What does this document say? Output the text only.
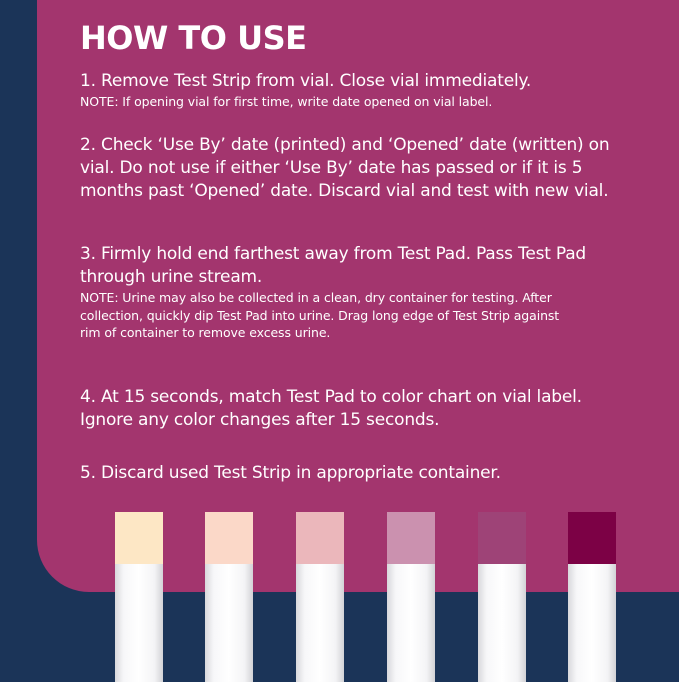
HOW TO USE
1. Remove Test Strip from vial. Close vial immediately.
NOTE: If opening vial for first time, write date opened on vial label.
2. Check ‘Use By’ date (printed) and ‘Opened’ date (written) on
vial. Do not use if either ‘Use By’ date has passed or if it is 5
months past ‘Opened’ date. Discard vial and test with new vial.
3. Firmly hold end farthest away from Test Pad. Pass Test Pad
through urine stream.
NOTE: Urine may also be collected in a clean, dry container for testing. After
collection, quickly dip Test Pad into urine. Drag long edge of Test Strip against
rim of container to remove excess urine.
4. At 15 seconds, match Test Pad to color chart on vial label.
Ignore any color changes after 15 seconds.
5. Discard used Test Strip in appropriate container.
